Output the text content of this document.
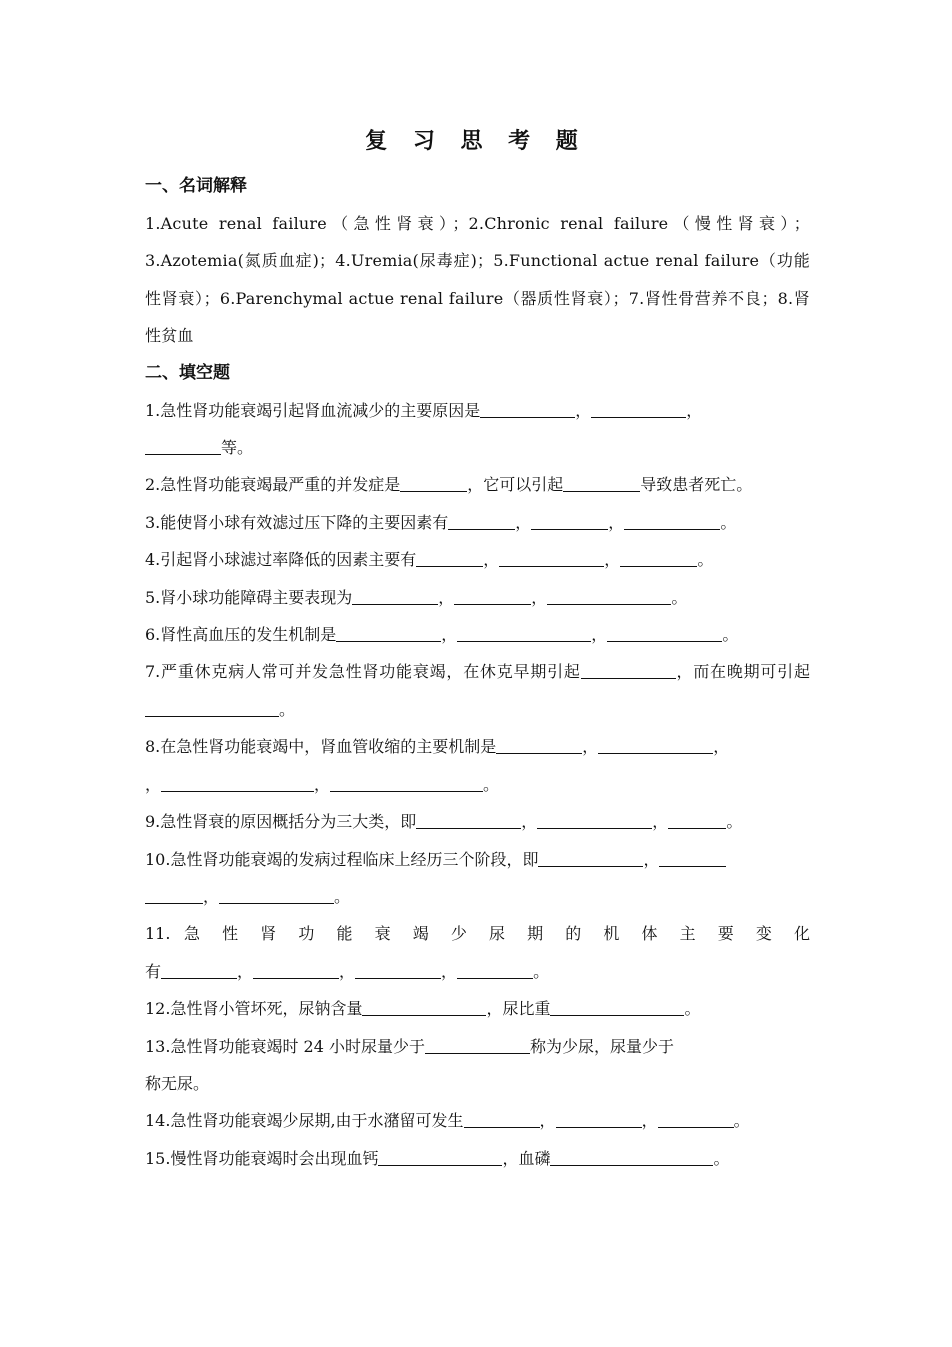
复 习 思 考 题
一、名词解释
1.Acute renal failure（急性肾衰）；2.Chronic renal failure（慢性肾衰）；3.Azotemia(氮质血症)；4.Uremia(尿毒症)；5.Functional actue renal failure（功能性肾衰）；6.Parenchymal actue renal failure（器质性肾衰）；7.肾性骨营养不良；8.肾性贫血
二、填空题
1.急性肾功能衰竭引起肾血流减少的主要原因是	，	，
等。
2.急性肾功能衰竭最严重的并发症是	，它可以引起	导致患者死亡。
3.能使肾小球有效滤过压下降的主要因素有	，	，	。
4.引起肾小球滤过率降低的因素主要有	，	，	。
5.肾小球功能障碍主要表现为	，	，	。
6.肾性高血压的发生机制是	，	，	。
7.严重休克病人常可并发急性肾功能衰竭，在休克早期引起	，而在晚期可引起。
8.在急性肾功能衰竭中，肾血管收缩的主要机制是	，	，
，	，	。
9.急性肾衰的原因概括分为三大类，即	，	，	。
10.急性肾功能衰竭的发病过程临床上经历三个阶段，即	，
，	。
11. 急 性 肾 功 能 衰 竭 少 尿 期 的 机 体 主 要 变 化
有	，	，	，	。
12.急性肾小管坏死，尿钠含量	，尿比重	。
13.急性肾功能衰竭时 24 小时尿量少于	称为少尿，尿量少于
称无尿。
14.急性肾功能衰竭少尿期,由于水潴留可发生	，	，	。
15.慢性肾功能衰竭时会出现血钙	，血磷	。
